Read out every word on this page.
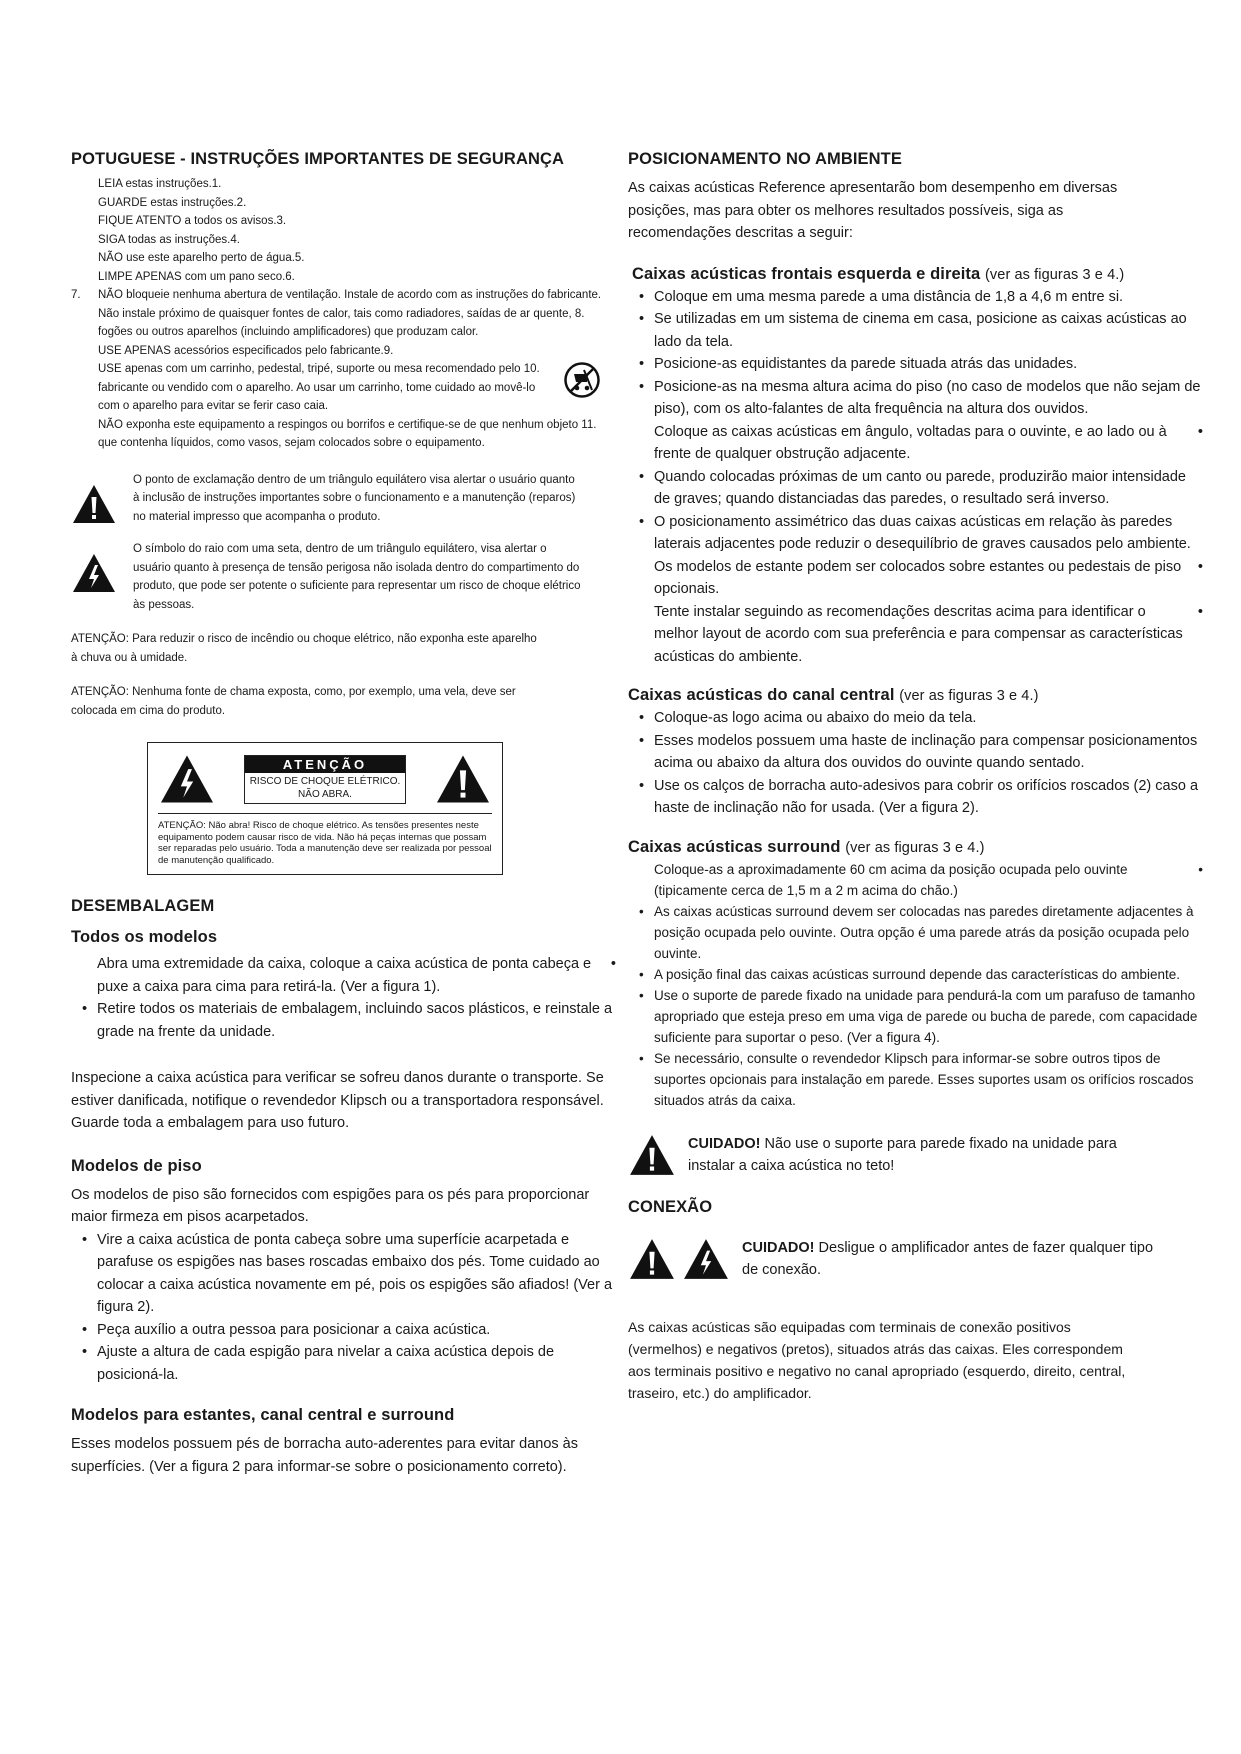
POTUGUESE - INSTRUÇÕES IMPORTANTES DE SEGURANÇA

LEIA estas instruções.1.

GUARDE estas instruções.2.

FIQUE ATENTO a todos os avisos.3.

SIGA todas as instruções.4.

NÃO use este aparelho perto de água.5.

LIMPE APENAS com um pano seco.6.

7. NÃO bloqueie nenhuma abertura de ventilação. Instale de acordo com as instruções do fabricante.

Não instale próximo de quaisquer fontes de calor, tais como radiadores, saídas de ar quente, 8. fogões ou outros aparelhos (incluindo amplificadores) que produzam calor.

USE APENAS acessórios especificados pelo fabricante.9.

USE apenas com um carrinho, pedestal, tripé, suporte ou mesa recomendado pelo 10. fabricante ou vendido com o aparelho. Ao usar um carrinho, tome cuidado ao movê-lo com o aparelho para evitar se ferir caso caia.

NÃO exponha este equipamento a respingos ou borrifos e certifique-se de que nenhum objeto 11. que contenha líquidos, como vasos, sejam colocados sobre o equipamento.

O ponto de exclamação dentro de um triângulo equilátero visa alertar o usuário quanto à inclusão de instruções importantes sobre o funcionamento e a manutenção (reparos) no material impresso que acompanha o produto.

O símbolo do raio com uma seta, dentro de um triângulo equilátero, visa alertar o usuário quanto à presença de tensão perigosa não isolada dentro do compartimento do produto, que pode ser potente o suficiente para representar um risco de choque elétrico às pessoas.

ATENÇÃO: Para reduzir o risco de incêndio ou choque elétrico, não exponha este aparelho à chuva ou à umidade.

ATENÇÃO: Nenhuma fonte de chama exposta, como, por exemplo, uma vela, deve ser colocada em cima do produto.

ATENÇÃO
RISCO DE CHOQUE ELÉTRICO.
NÃO ABRA.
ATENÇÃO: Não abra! Risco de choque elétrico. As tensões presentes neste equipamento podem causar risco de vida. Não há peças internas que possam ser reparadas pelo usuário. Toda a manutenção deve ser realizada por pessoal de manutenção qualificado.
DESEMBALAGEM
Todos os modelos

Abra uma extremidade da caixa, coloque a caixa acústica de ponta cabeça e puxe a caixa para cima para retirá-la. (Ver a figura 1).
•

• Retire todos os materiais de embalagem, incluindo sacos plásticos, e reinstale a grade na frente da unidade.

Inspecione a caixa acústica para verificar se sofreu danos durante o transporte. Se estiver danificada, notifique o revendedor Klipsch ou a transportadora responsável. Guarde toda a embalagem para uso futuro.

Modelos de piso

Os modelos de piso são fornecidos com espigões para os pés para proporcionar maior firmeza em pisos acarpetados.

• Vire a caixa acústica de ponta cabeça sobre uma superfície acarpetada e parafuse os espigões nas bases roscadas embaixo dos pés. Tome cuidado ao colocar a caixa acústica novamente em pé, pois os espigões são afiados! (Ver a figura 2).
• Peça auxílio a outra pessoa para posicionar a caixa acústica.
• Ajuste a altura de cada espigão para nivelar a caixa acústica depois de posicioná-la.
Modelos para estantes, canal central e surround

Esses modelos possuem pés de borracha auto-aderentes para evitar danos às superfícies. (Ver a figura 2 para informar-se sobre o posicionamento correto).

POSICIONAMENTO NO AMBIENTE

As caixas acústicas Reference apresentarão bom desempenho em diversas posições, mas para obter os melhores resultados possíveis, siga as recomendações descritas a seguir:

Caixas acústicas frontais esquerda e direita (ver as figuras 3 e 4.)

• Coloque em uma mesma parede a uma distância de 1,8 a 4,6 m entre si.
• Se utilizadas em um sistema de cinema em casa, posicione as caixas acústicas ao lado da tela.
• Posicione-as equidistantes da parede situada atrás das unidades.
• Posicione-as na mesma altura acima do piso (no caso de modelos que não sejam de piso), com os alto-falantes de alta frequência na altura dos ouvidos.

Coloque as caixas acústicas em ângulo, voltadas para o ouvinte, e ao lado ou à frente de qualquer obstrução adjacente.
•

• Quando colocadas próximas de um canto ou parede, produzirão maior intensidade de graves; quando distanciadas das paredes, o resultado será inverso.
• O posicionamento assimétrico das duas caixas acústicas em relação às paredes laterais adjacentes pode reduzir o desequilíbrio de graves causados pelo ambiente.

Os modelos de estante podem ser colocados sobre estantes ou pedestais de piso opcionais.
•

Tente instalar seguindo as recomendações descritas acima para identificar o melhor layout de acordo com sua preferência e para compensar as características acústicas do ambiente.
•

Caixas acústicas do canal central (ver as figuras 3 e 4.)

• Coloque-as logo acima ou abaixo do meio da tela.
• Esses modelos possuem uma haste de inclinação para compensar posicionamentos acima ou abaixo da altura dos ouvidos do ouvinte quando sentado.
• Use os calços de borracha auto-adesivos para cobrir os orifícios roscados (2) caso a haste de inclinação não for usada. (Ver a figura 2).

Caixas acústicas surround (ver as figuras 3 e 4.)

Coloque-as a aproximadamente 60 cm acima da posição ocupada pelo ouvinte (tipicamente cerca de 1,5 m a 2 m acima do chão.)
•

• As caixas acústicas surround devem ser colocadas nas paredes diretamente adjacentes à posição ocupada pelo ouvinte. Outra opção é uma parede atrás da posição ocupada pelo ouvinte.
• A posição final das caixas acústicas surround depende das características do ambiente.
• Use o suporte de parede fixado na unidade para pendurá-la com um parafuso de tamanho apropriado que esteja preso em uma viga de parede ou bucha de parede, com capacidade suficiente para suportar o peso. (Ver a figura 4).
• Se necessário, consulte o revendedor Klipsch para informar-se sobre outros tipos de suportes opcionais para instalação em parede. Esses suportes usam os orifícios roscados situados atrás da caixa.

CUIDADO! Não use o suporte para parede fixado na unidade para instalar a caixa acústica no teto!

CONEXÃO

CUIDADO! Desligue o amplificador antes de fazer qualquer tipo de conexão.

As caixas acústicas são equipadas com terminais de conexão positivos (vermelhos) e negativos (pretos), situados atrás das caixas. Eles correspondem aos terminais positivo e negativo no canal apropriado (esquerdo, direito, central, traseiro, etc.) do amplificador.
